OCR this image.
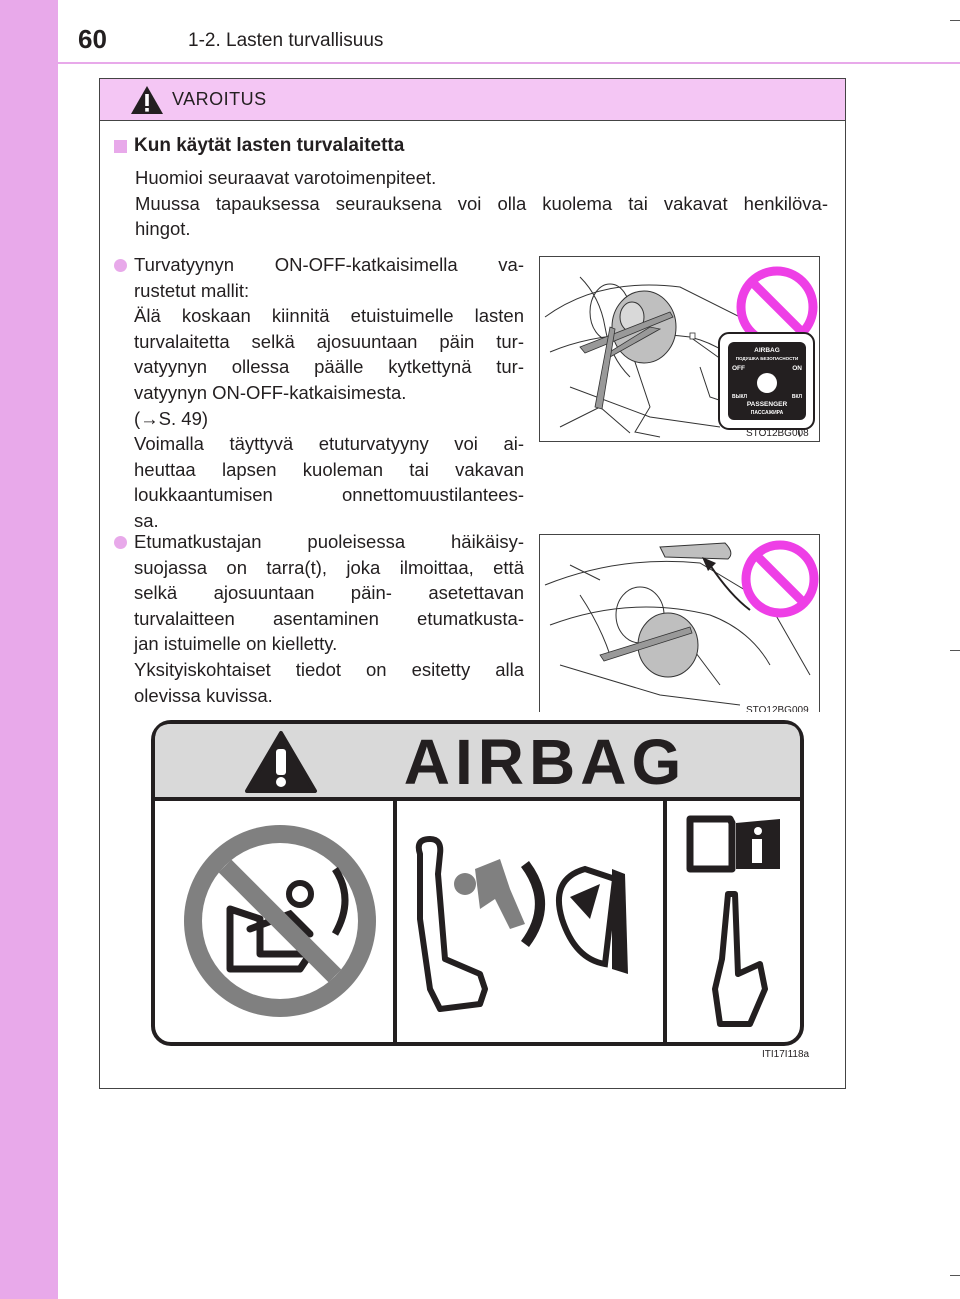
60	1-2. Lasten turvallisuus
VAROITUS
Kun käytät lasten turvalaitetta
Huomioi seuraavat varotoimenpiteet.
Muussa tapauksessa seurauksena voi olla kuolema tai vakavat henkilöva-
hingot.
Turvatyynyn ON-OFF-katkaisimella va-
rustetut mallit:
Älä koskaan kiinnitä etuistuimelle lasten
turvalaitetta selkä ajosuuntaan päin tur-
vatyynyn ollessa päälle kytkettynä tur-
vatyynyn ON-OFF-katkaisimesta.
(→S. 49)
Voimalla täyttyvä etuturvatyyny voi ai-
heuttaa lapsen kuoleman tai vakavan
loukkaantumisen onnettomuustilantees-
sa.
AIRBAG
ПОДУШКА БЕЗОПАСНОСТИ
OFF	ON
ВЫКЛ	ВКЛ
PASSENGER
ПАССАЖИРА
STO12BG008
Etumatkustajan puoleisessa häikäisy-
suojassa on tarra(t), joka ilmoittaa, että
selkä ajosuuntaan päin- asetettavan
turvalaitteen asentaminen etumatkusta-
jan istuimelle on kielletty.
Yksityiskohtaiset tiedot on esitetty alla
olevissa kuvissa.
STO12BG009
AIRBAG
ITI17I118a
